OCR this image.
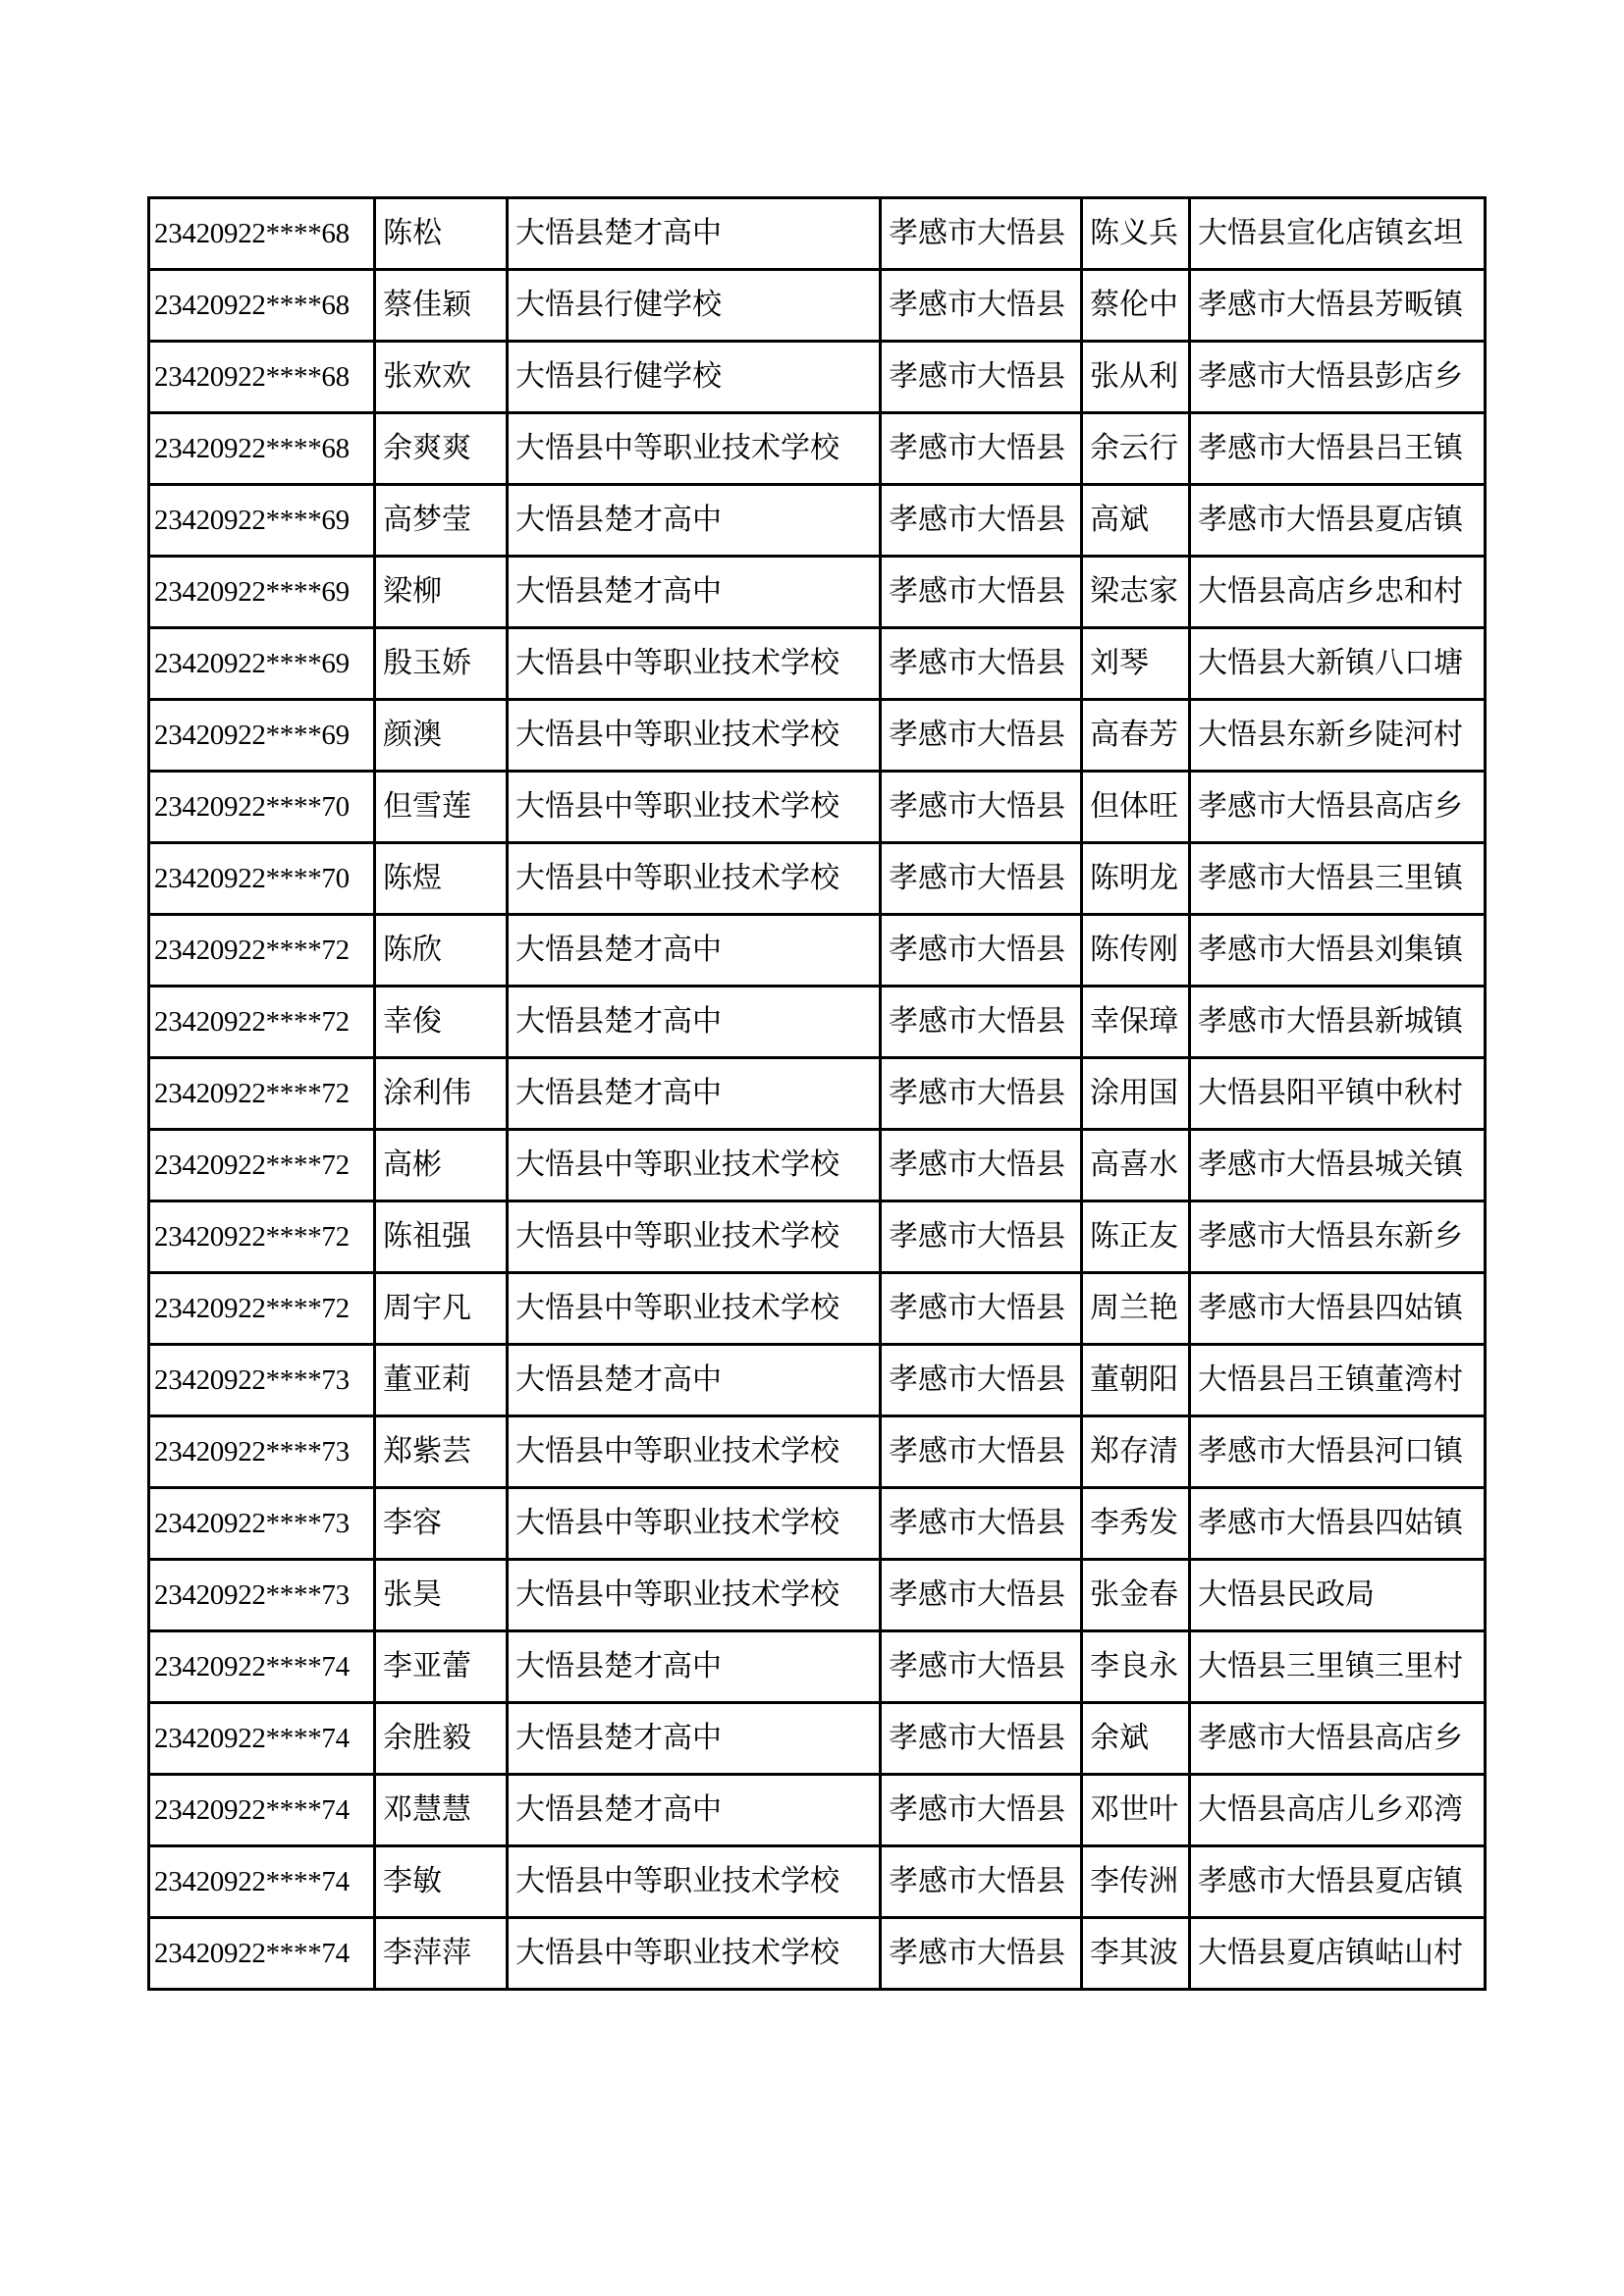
23420922****68	陈松	大悟县楚才高中	孝感市大悟县	陈义兵	大悟县宣化店镇玄坦
23420922****68	蔡佳颖	大悟县行健学校	孝感市大悟县	蔡伦中	孝感市大悟县芳畈镇
23420922****68	张欢欢	大悟县行健学校	孝感市大悟县	张从利	孝感市大悟县彭店乡
23420922****68	余爽爽	大悟县中等职业技术学校	孝感市大悟县	余云行	孝感市大悟县吕王镇
23420922****69	高梦莹	大悟县楚才高中	孝感市大悟县	高斌	孝感市大悟县夏店镇
23420922****69	梁柳	大悟县楚才高中	孝感市大悟县	梁志家	大悟县高店乡忠和村
23420922****69	殷玉娇	大悟县中等职业技术学校	孝感市大悟县	刘琴	大悟县大新镇八口塘
23420922****69	颜澳	大悟县中等职业技术学校	孝感市大悟县	高春芳	大悟县东新乡陡河村
23420922****70	但雪莲	大悟县中等职业技术学校	孝感市大悟县	但体旺	孝感市大悟县高店乡
23420922****70	陈煜	大悟县中等职业技术学校	孝感市大悟县	陈明龙	孝感市大悟县三里镇
23420922****72	陈欣	大悟县楚才高中	孝感市大悟县	陈传刚	孝感市大悟县刘集镇
23420922****72	幸俊	大悟县楚才高中	孝感市大悟县	幸保璋	孝感市大悟县新城镇
23420922****72	涂利伟	大悟县楚才高中	孝感市大悟县	涂用国	大悟县阳平镇中秋村
23420922****72	高彬	大悟县中等职业技术学校	孝感市大悟县	高喜水	孝感市大悟县城关镇
23420922****72	陈祖强	大悟县中等职业技术学校	孝感市大悟县	陈正友	孝感市大悟县东新乡
23420922****72	周宇凡	大悟县中等职业技术学校	孝感市大悟县	周兰艳	孝感市大悟县四姑镇
23420922****73	董亚莉	大悟县楚才高中	孝感市大悟县	董朝阳	大悟县吕王镇董湾村
23420922****73	郑紫芸	大悟县中等职业技术学校	孝感市大悟县	郑存清	孝感市大悟县河口镇
23420922****73	李容	大悟县中等职业技术学校	孝感市大悟县	李秀发	孝感市大悟县四姑镇
23420922****73	张昊	大悟县中等职业技术学校	孝感市大悟县	张金春	大悟县民政局
23420922****74	李亚蕾	大悟县楚才高中	孝感市大悟县	李良永	大悟县三里镇三里村
23420922****74	余胜毅	大悟县楚才高中	孝感市大悟县	余斌	孝感市大悟县高店乡
23420922****74	邓慧慧	大悟县楚才高中	孝感市大悟县	邓世叶	大悟县高店儿乡邓湾
23420922****74	李敏	大悟县中等职业技术学校	孝感市大悟县	李传洲	孝感市大悟县夏店镇
23420922****74	李萍萍	大悟县中等职业技术学校	孝感市大悟县	李其波	大悟县夏店镇岵山村
